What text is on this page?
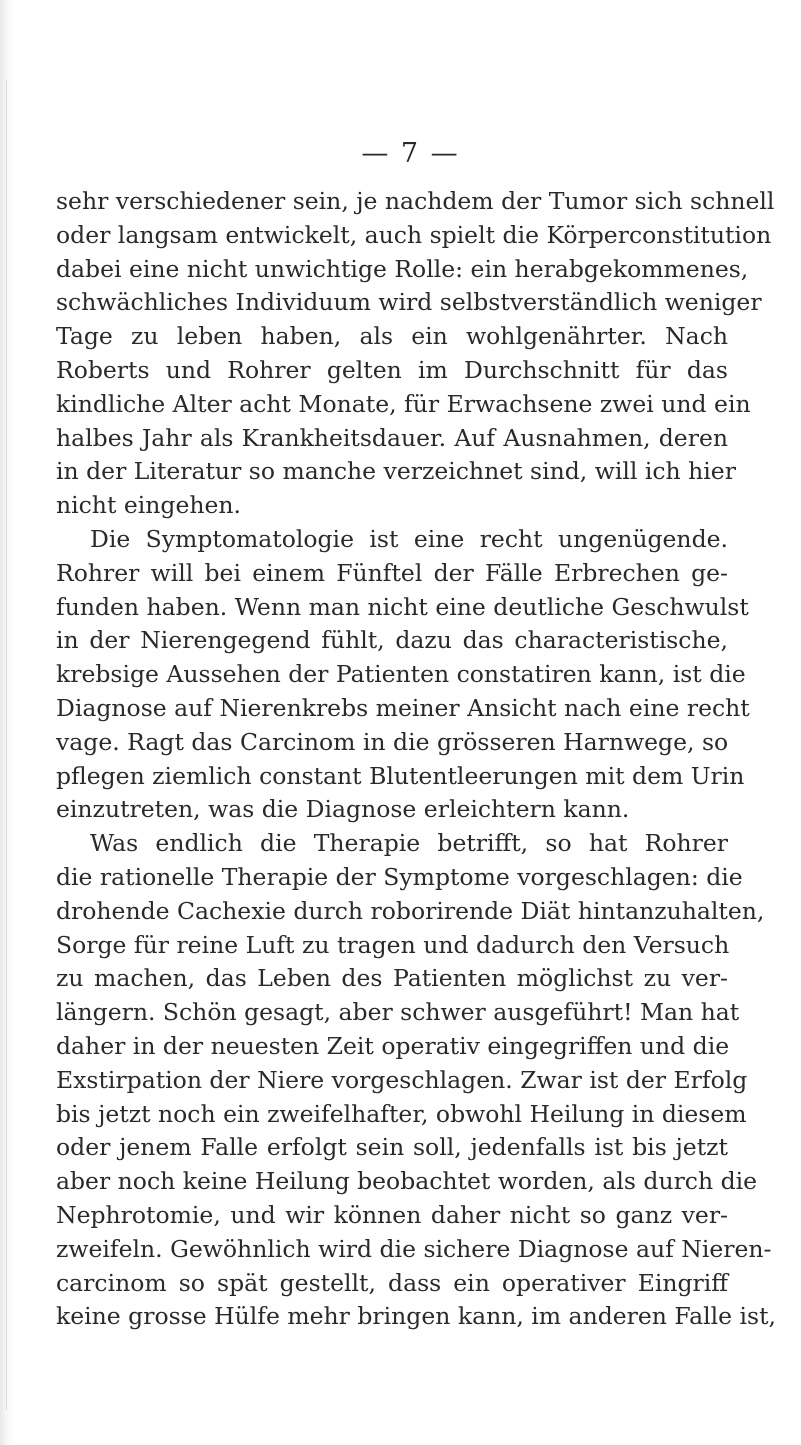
— 7 —
sehr verschiedener sein, je nachdem der Tumor sich schnell
oder langsam entwickelt, auch spielt die Körperconstitution
dabei eine nicht unwichtige Rolle: ein herabgekommenes,
schwächliches Individuum wird selbstverständlich weniger
Tage zu leben haben, als ein wohlgenährter. Nach
Roberts und Rohrer gelten im Durchschnitt für das
kindliche Alter acht Monate, für Erwachsene zwei und ein
halbes Jahr als Krankheitsdauer. Auf Ausnahmen, deren
in der Literatur so manche verzeichnet sind, will ich hier
nicht eingehen.
Die Symptomatologie ist eine recht ungenügende.
Rohrer will bei einem Fünftel der Fälle Erbrechen ge-
funden haben. Wenn man nicht eine deutliche Geschwulst
in der Nierengegend fühlt, dazu das characteristische,
krebsige Aussehen der Patienten constatiren kann, ist die
Diagnose auf Nierenkrebs meiner Ansicht nach eine recht
vage. Ragt das Carcinom in die grösseren Harnwege, so
pflegen ziemlich constant Blutentleerungen mit dem Urin
einzutreten, was die Diagnose erleichtern kann.
Was endlich die Therapie betrifft, so hat Rohrer
die rationelle Therapie der Symptome vorgeschlagen: die
drohende Cachexie durch roborirende Diät hintanzuhalten,
Sorge für reine Luft zu tragen und dadurch den Versuch
zu machen, das Leben des Patienten möglichst zu ver-
längern. Schön gesagt, aber schwer ausgeführt! Man hat
daher in der neuesten Zeit operativ eingegriffen und die
Exstirpation der Niere vorgeschlagen. Zwar ist der Erfolg
bis jetzt noch ein zweifelhafter, obwohl Heilung in diesem
oder jenem Falle erfolgt sein soll, jedenfalls ist bis jetzt
aber noch keine Heilung beobachtet worden, als durch die
Nephrotomie, und wir können daher nicht so ganz ver-
zweifeln. Gewöhnlich wird die sichere Diagnose auf Nieren-
carcinom so spät gestellt, dass ein operativer Eingriff
keine grosse Hülfe mehr bringen kann, im anderen Falle ist,
